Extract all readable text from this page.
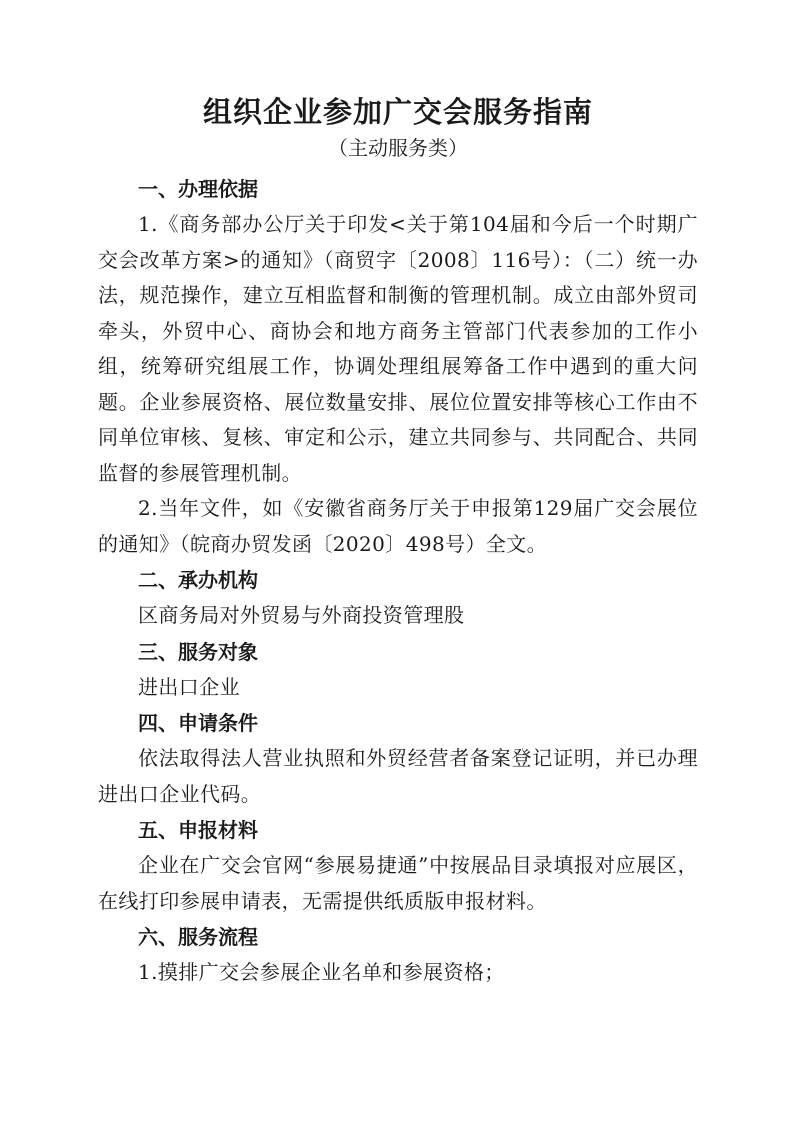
组织企业参加广交会服务指南
（主动服务类）
一、办理依据

1.《商务部办公厅关于印发<关于第104届和今后一个时期广交会改革方案>的通知》（商贸字〔2008〕116号）：（二）统一办法，规范操作，建立互相监督和制衡的管理机制。成立由部外贸司牵头，外贸中心、商协会和地方商务主管部门代表参加的工作小组，统筹研究组展工作，协调处理组展筹备工作中遇到的重大问题。企业参展资格、展位数量安排、展位位置安排等核心工作由不同单位审核、复核、审定和公示，建立共同参与、共同配合、共同监督的参展管理机制。

2.当年文件，如《安徽省商务厅关于申报第129届广交会展位的通知》（皖商办贸发函〔2020〕498号）全文。

二、承办机构

区商务局对外贸易与外商投资管理股

三、服务对象

进出口企业

四、申请条件

依法取得法人营业执照和外贸经营者备案登记证明，并已办理进出口企业代码。

五、申报材料

企业在广交会官网“参展易捷通”中按展品目录填报对应展区，在线打印参展申请表，无需提供纸质版申报材料。

六、服务流程

1.摸排广交会参展企业名单和参展资格；
